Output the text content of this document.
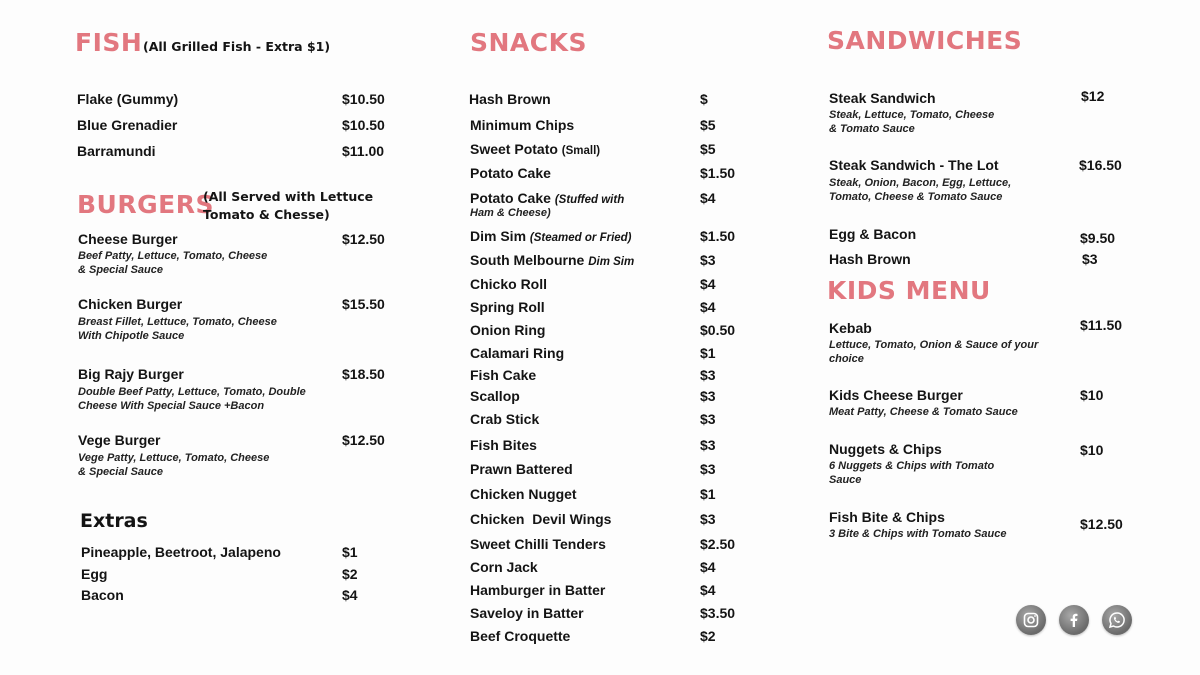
FISH (All Grilled Fish - Extra $1)
Flake (Gummy)	$10.50
Blue Grenadier	$10.50
Barramundi	$11.00
BURGERS
(All Served with Lettuce
Tomato & Chesse)
Cheese Burger	$12.50
Beef Patty, Lettuce, Tomato, Cheese
& Special Sauce
Chicken Burger	$15.50
Breast Fillet, Lettuce, Tomato, Cheese
With Chipotle Sauce
Big Rajy Burger	$18.50
Double Beef Patty, Lettuce, Tomato, Double
Cheese With Special Sauce +Bacon
Vege Burger	$12.50
Vege Patty, Lettuce, Tomato, Cheese
& Special Sauce
Extras
Pineapple, Beetroot, Jalapeno	$1
Egg	$2
Bacon	$4
SNACKS
Hash Brown	$
Minimum Chips	$5
Sweet Potato (Small)	$5
Potato Cake	$1.50
Potato Cake (Stuffed with	$4
Ham & Cheese)
Dim Sim (Steamed or Fried)	$1.50
South Melbourne Dim Sim	$3
Chicko Roll	$4
Spring Roll	$4
Onion Ring	$0.50
Calamari Ring	$1
Fish Cake	$3
Scallop	$3
Crab Stick	$3
Fish Bites	$3
Prawn Battered	$3
Chicken Nugget	$1
Chicken  Devil Wings	$3
Sweet Chilli Tenders	$2.50
Corn Jack	$4
Hamburger in Batter	$4
Saveloy in Batter	$3.50
Beef Croquette	$2
SANDWICHES
Steak Sandwich	$12
Steak, Lettuce, Tomato, Cheese
& Tomato Sauce
Steak Sandwich - The Lot	$16.50
Steak, Onion, Bacon, Egg, Lettuce,
Tomato, Cheese & Tomato Sauce
Egg & Bacon	$9.50
Hash Brown	$3
KIDS MENU
Kebab	$11.50
Lettuce, Tomato, Onion & Sauce of your
choice
Kids Cheese Burger	$10
Meat Patty, Cheese & Tomato Sauce
Nuggets & Chips	$10
6 Nuggets & Chips with Tomato
Sauce
Fish Bite & Chips	$12.50
3 Bite & Chips with Tomato Sauce
